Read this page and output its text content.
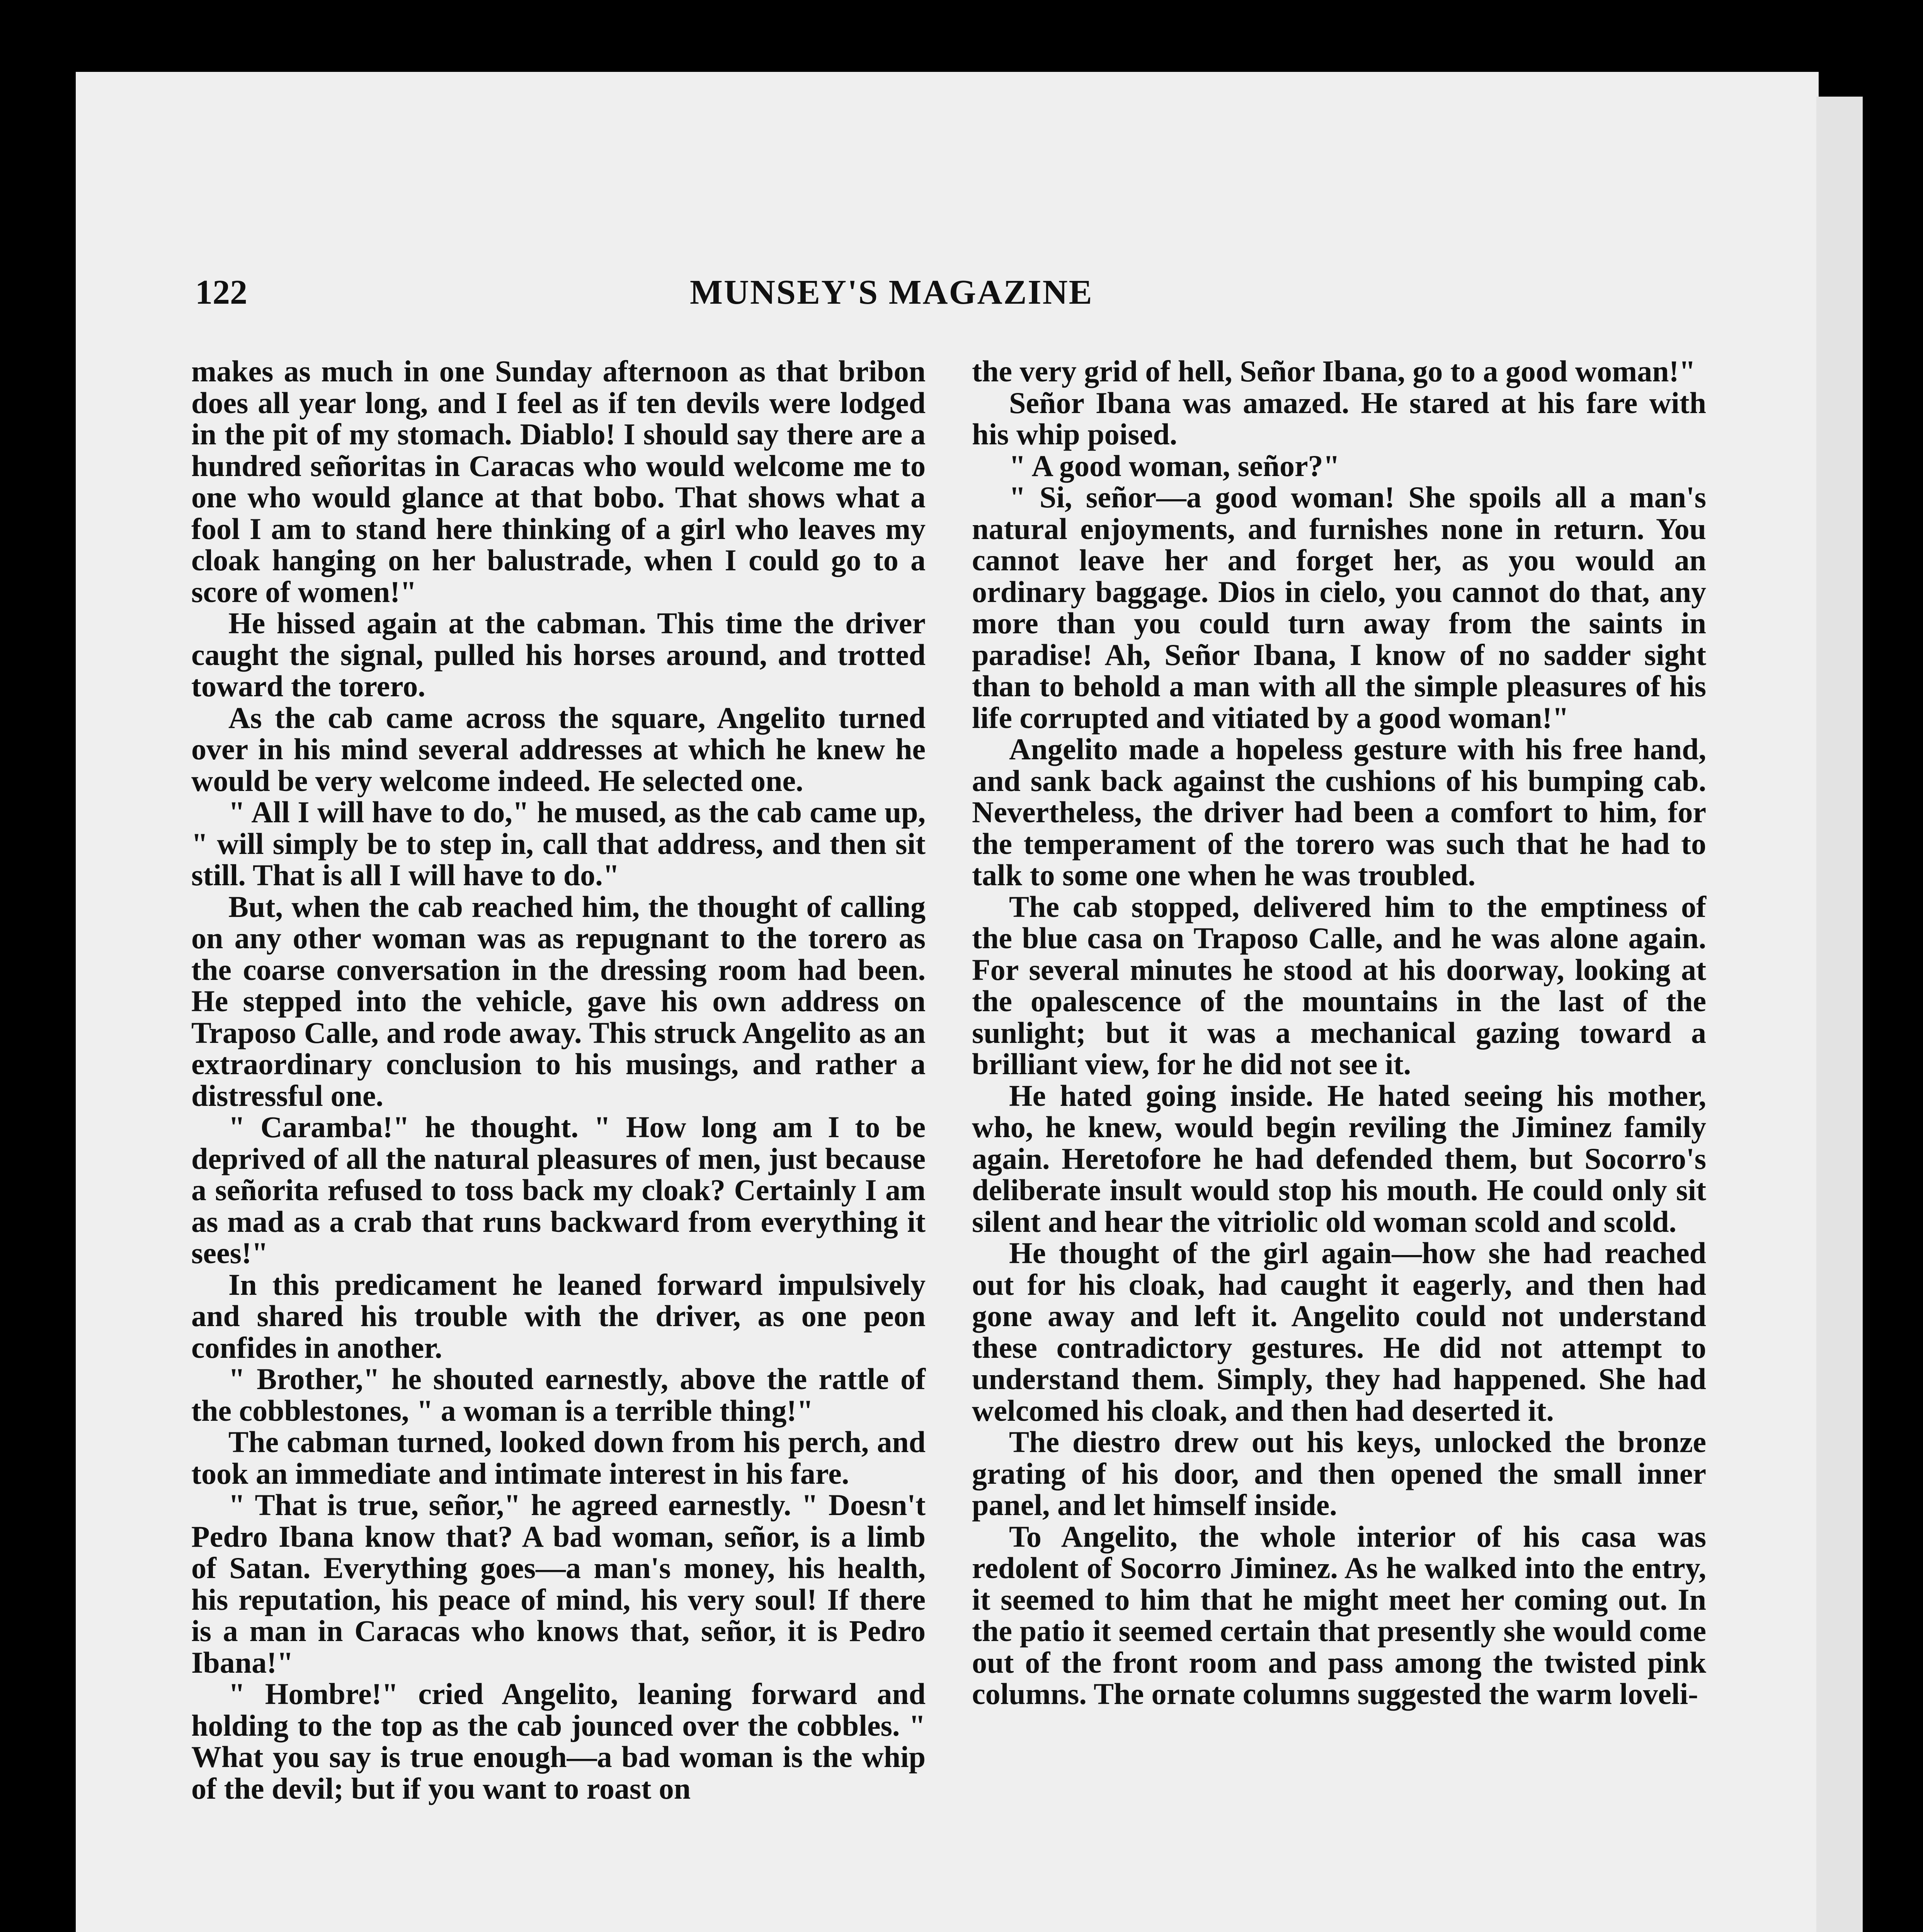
122	MUNSEY'S MAGAZINE

makes as much in one Sunday afternoon as that bribon does all year long, and I feel as if ten devils were lodged in the pit of my stomach. Diablo! I should say there are a hundred señoritas in Caracas who would welcome me to one who would glance at that bobo. That shows what a fool I am to stand here thinking of a girl who leaves my cloak hanging on her balustrade, when I could go to a score of women!"

He hissed again at the cabman. This time the driver caught the signal, pulled his horses around, and trotted toward the torero.

As the cab came across the square, Angelito turned over in his mind several addresses at which he knew he would be very welcome indeed. He selected one.

" All I will have to do," he mused, as the cab came up, " will simply be to step in, call that address, and then sit still. That is all I will have to do."

But, when the cab reached him, the thought of calling on any other woman was as repugnant to the torero as the coarse conversation in the dressing room had been. He stepped into the vehicle, gave his own address on Traposo Calle, and rode away. This struck Angelito as an extraordinary conclusion to his musings, and rather a distressful one.

" Caramba!" he thought. " How long am I to be deprived of all the natural pleasures of men, just because a señorita refused to toss back my cloak? Certainly I am as mad as a crab that runs backward from everything it sees!"

In this predicament he leaned forward impulsively and shared his trouble with the driver, as one peon confides in another.

" Brother," he shouted earnestly, above the rattle of the cobblestones, " a woman is a terrible thing!"

The cabman turned, looked down from his perch, and took an immediate and intimate interest in his fare.

" That is true, señor," he agreed earnestly. " Doesn't Pedro Ibana know that? A bad woman, señor, is a limb of Satan. Everything goes—a man's money, his health, his reputation, his peace of mind, his very soul! If there is a man in Caracas who knows that, señor, it is Pedro Ibana!"

" Hombre!" cried Angelito, leaning forward and holding to the top as the cab jounced over the cobbles. " What you say is true enough—a bad woman is the whip of the devil; but if you want to roast on

the very grid of hell, Señor Ibana, go to a good woman!"

Señor Ibana was amazed. He stared at his fare with his whip poised.

" A good woman, señor?"

" Si, señor—a good woman! She spoils all a man's natural enjoyments, and furnishes none in return. You cannot leave her and forget her, as you would an ordinary baggage. Dios in cielo, you cannot do that, any more than you could turn away from the saints in paradise! Ah, Señor Ibana, I know of no sadder sight than to behold a man with all the simple pleasures of his life corrupted and vitiated by a good woman!"

Angelito made a hopeless gesture with his free hand, and sank back against the cushions of his bumping cab. Nevertheless, the driver had been a comfort to him, for the temperament of the torero was such that he had to talk to some one when he was troubled.

The cab stopped, delivered him to the emptiness of the blue casa on Traposo Calle, and he was alone again. For several minutes he stood at his doorway, looking at the opalescence of the mountains in the last of the sunlight; but it was a mechanical gazing toward a brilliant view, for he did not see it.

He hated going inside. He hated seeing his mother, who, he knew, would begin reviling the Jiminez family again. Heretofore he had defended them, but Socorro's deliberate insult would stop his mouth. He could only sit silent and hear the vitriolic old woman scold and scold.

He thought of the girl again—how she had reached out for his cloak, had caught it eagerly, and then had gone away and left it. Angelito could not understand these contradictory gestures. He did not attempt to understand them. Simply, they had happened. She had welcomed his cloak, and then had deserted it.

The diestro drew out his keys, unlocked the bronze grating of his door, and then opened the small inner panel, and let himself inside.

To Angelito, the whole interior of his casa was redolent of Socorro Jiminez. As he walked into the entry, it seemed to him that he might meet her coming out. In the patio it seemed certain that presently she would come out of the front room and pass among the twisted pink columns. The ornate columns suggested the warm loveli-
